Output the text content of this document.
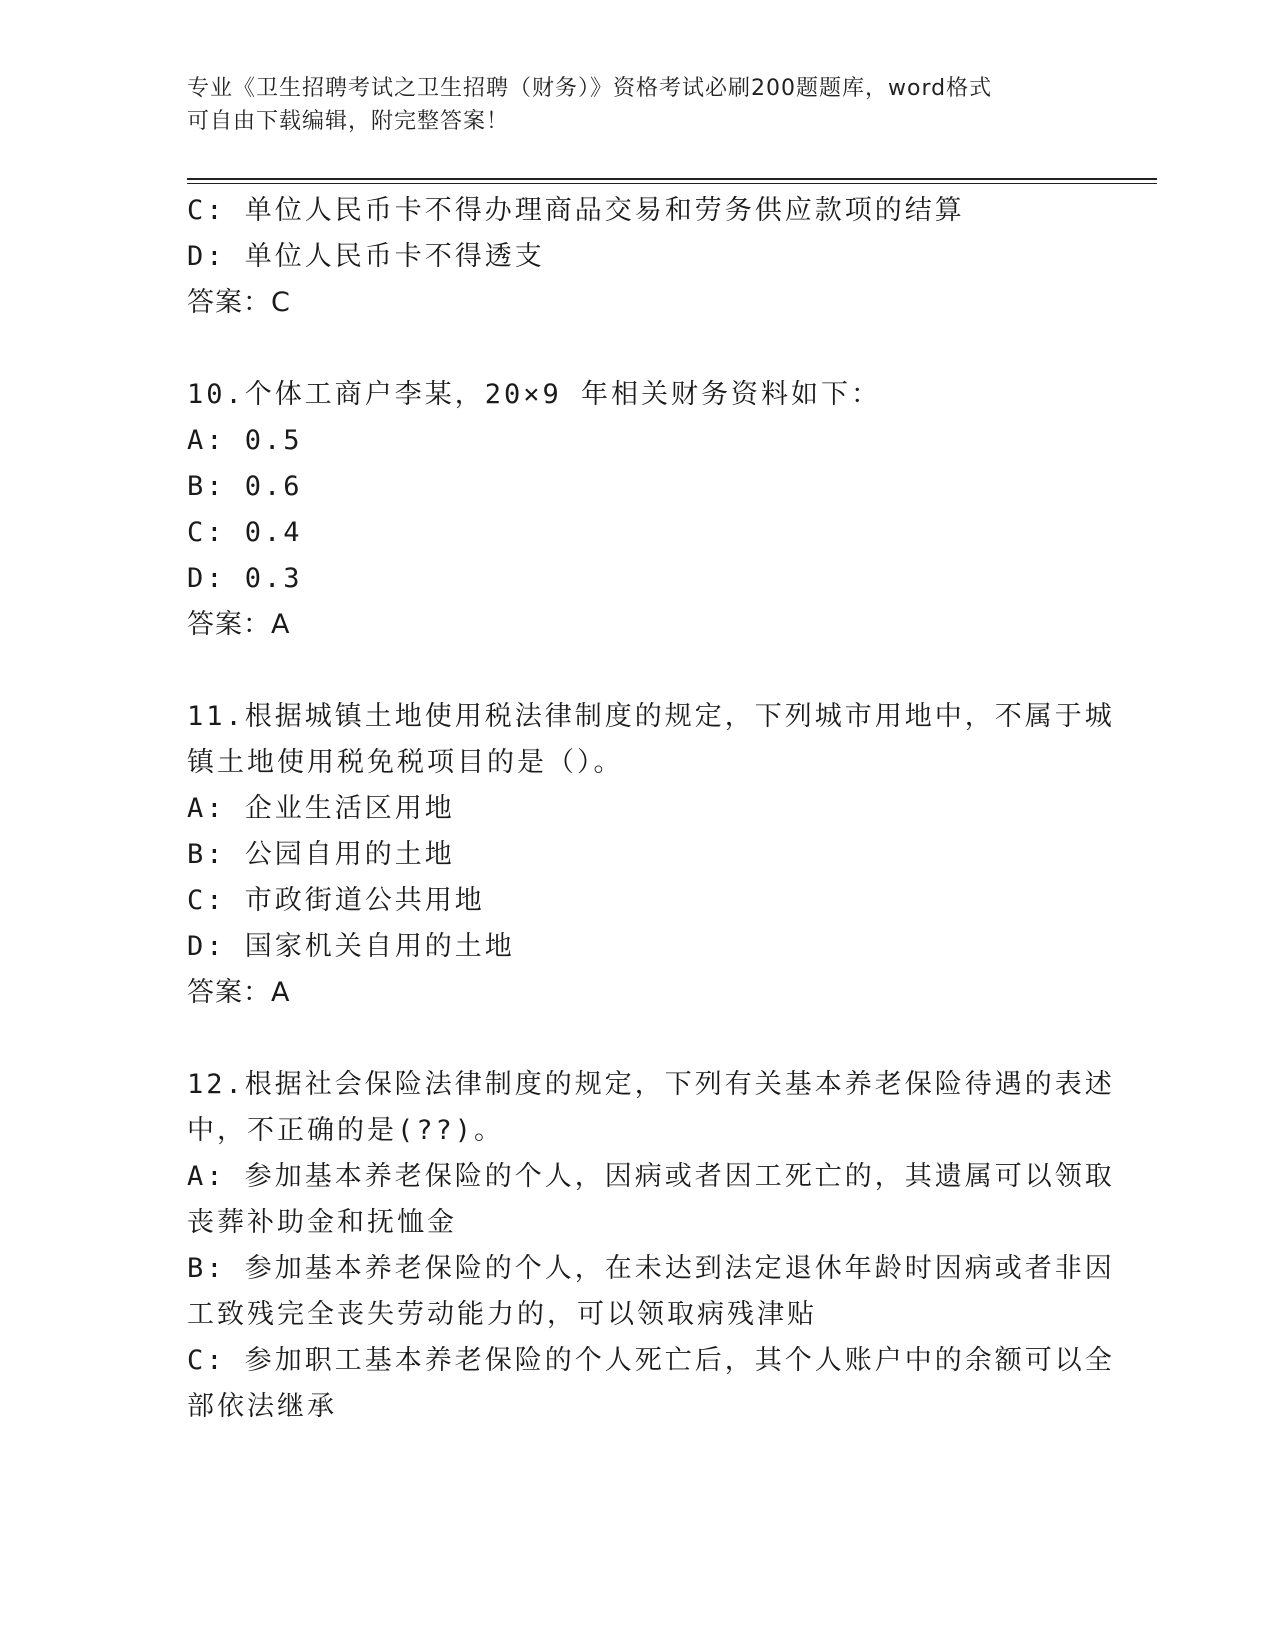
专业《卫生招聘考试之卫生招聘（财务）》资格考试必刷200题题库，word格式
可自由下载编辑，附完整答案！
C: 单位人民币卡不得办理商品交易和劳务供应款项的结算
D: 单位人民币卡不得透支
答案：C
10.个体工商户李某，20×9 年相关财务资料如下：
A: 0.5
B: 0.6
C: 0.4
D: 0.3
答案：A
11.根据城镇土地使用税法律制度的规定，下列城市用地中，不属于城
镇土地使用税免税项目的是（）。
A: 企业生活区用地
B: 公园自用的土地
C: 市政街道公共用地
D: 国家机关自用的土地
答案：A
12.根据社会保险法律制度的规定，下列有关基本养老保险待遇的表述
中，不正确的是(??)。
A: 参加基本养老保险的个人，因病或者因工死亡的，其遗属可以领取
丧葬补助金和抚恤金
B: 参加基本养老保险的个人，在未达到法定退休年龄时因病或者非因
工致残完全丧失劳动能力的，可以领取病残津贴
C: 参加职工基本养老保险的个人死亡后，其个人账户中的余额可以全
部依法继承
